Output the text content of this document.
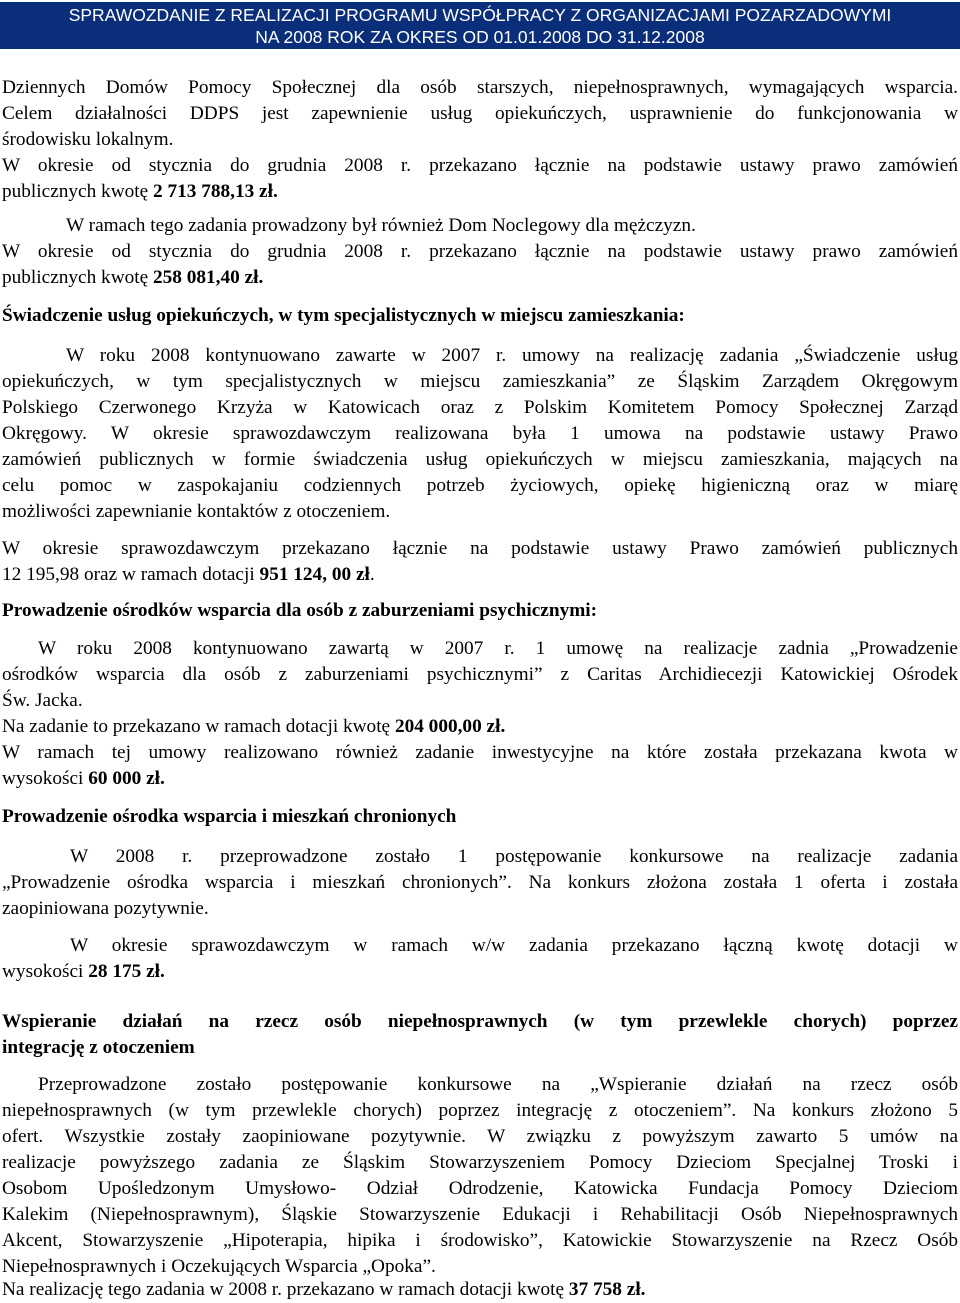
SPRAWOZDANIE Z REALIZACJI PROGRAMU WSPÓŁPRACY Z ORGANIZACJAMI POZARZADOWYMI
NA 2008 ROK ZA OKRES OD 01.01.2008 DO 31.12.2008
Dziennych Domów Pomocy Społecznej dla osób starszych, niepełnosprawnych, wymagających wsparcia.
Celem działalności DDPS jest zapewnienie usług opiekuńczych, usprawnienie do funkcjonowania w
środowisku lokalnym.
W okresie od stycznia do grudnia 2008 r. przekazano łącznie na podstawie ustawy prawo zamówień
publicznych kwotę 2 713 788,13 zł.
W ramach tego zadania prowadzony był również Dom Noclegowy dla mężczyzn.
W okresie od stycznia do grudnia 2008 r. przekazano łącznie na podstawie ustawy prawo zamówień
publicznych kwotę 258 081,40 zł.
Świadczenie usług opiekuńczych, w tym specjalistycznych w miejscu zamieszkania:
W roku 2008 kontynuowano zawarte w 2007 r. umowy na realizację zadania „Świadczenie usług
opiekuńczych, w tym specjalistycznych w miejscu zamieszkania” ze Śląskim Zarządem Okręgowym
Polskiego Czerwonego Krzyża w Katowicach oraz z Polskim Komitetem Pomocy Społecznej Zarząd
Okręgowy. W okresie sprawozdawczym realizowana była 1 umowa na podstawie ustawy Prawo
zamówień publicznych w formie świadczenia usług opiekuńczych w miejscu zamieszkania, mających na
celu pomoc w zaspokajaniu codziennych potrzeb życiowych, opiekę higieniczną oraz w miarę
możliwości zapewnianie kontaktów z otoczeniem.
W okresie sprawozdawczym przekazano łącznie na podstawie ustawy Prawo zamówień publicznych
12 195,98 oraz w ramach dotacji 951 124, 00 zł.
Prowadzenie ośrodków wsparcia dla osób z zaburzeniami psychicznymi:
W roku 2008 kontynuowano zawartą w 2007 r. 1 umowę na realizacje zadnia „Prowadzenie
ośrodków wsparcia dla osób z zaburzeniami psychicznymi” z Caritas Archidiecezji Katowickiej Ośrodek
Św. Jacka.
Na zadanie to przekazano w ramach dotacji kwotę 204 000,00 zł.
W ramach tej umowy realizowano również zadanie inwestycyjne na które została przekazana kwota w
wysokości 60 000 zł.
Prowadzenie ośrodka wsparcia i mieszkań chronionych
W 2008 r. przeprowadzone zostało 1 postępowanie konkursowe na realizacje zadania
„Prowadzenie ośrodka wsparcia i mieszkań chronionych”. Na konkurs złożona została 1 oferta i została
zaopiniowana pozytywnie.
W okresie sprawozdawczym w ramach w/w zadania przekazano łączną kwotę dotacji w
wysokości 28 175 zł.
Wspieranie działań na rzecz osób niepełnosprawnych (w tym przewlekle chorych) poprzez
integrację z otoczeniem
Przeprowadzone zostało postępowanie konkursowe na „Wspieranie działań na rzecz osób
niepełnosprawnych (w tym przewlekle chorych) poprzez integrację z otoczeniem”. Na konkurs złożono 5
ofert. Wszystkie zostały zaopiniowane pozytywnie. W związku z powyższym zawarto 5 umów na
realizacje powyższego zadania ze Śląskim Stowarzyszeniem Pomocy Dzieciom Specjalnej Troski i
Osobom Upośledzonym Umysłowo- Odział Odrodzenie, Katowicka Fundacja Pomocy Dzieciom
Kalekim (Niepełnosprawnym), Śląskie Stowarzyszenie Edukacji i Rehabilitacji Osób Niepełnosprawnych
Akcent, Stowarzyszenie „Hipoterapia, hipika i środowisko”, Katowickie Stowarzyszenie na Rzecz Osób
Niepełnosprawnych i Oczekujących Wsparcia „Opoka”.
Na realizację tego zadania w 2008 r. przekazano w ramach dotacji kwotę 37 758 zł.
